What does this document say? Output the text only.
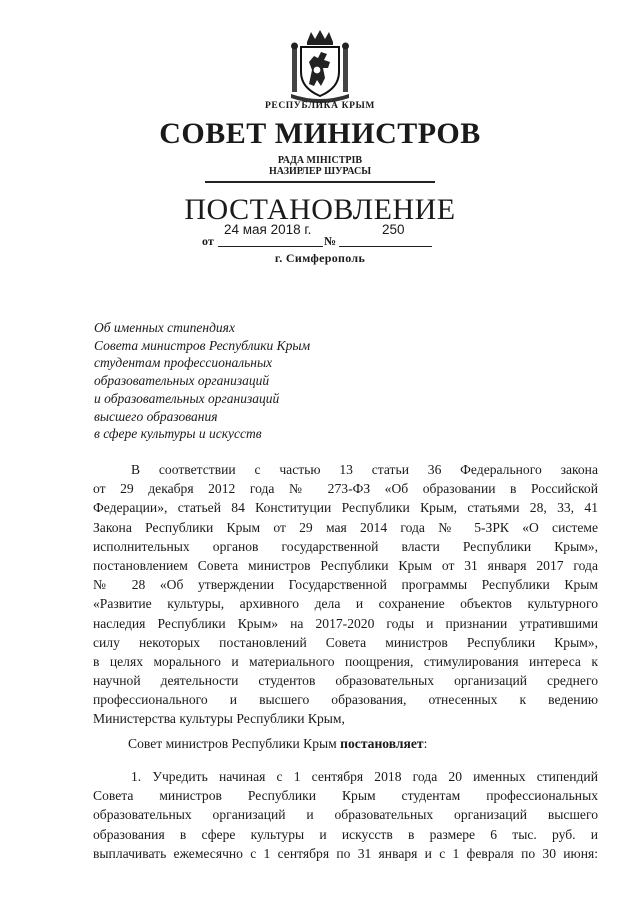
РЕСПУБЛИКА КРЫМ
СОВЕТ МИНИСТРОВ
РАДА МІНІСТРІВ
НАЗИРЛЕР ШУРАСЫ
ПОСТАНОВЛЕНИЕ
24 мая 2018 г.	250
от	№
г. Симферополь
Об именных стипендиях
Совета министров Республики Крым
студентам профессиональных
образовательных организаций
и образовательных организаций
высшего образования
в сфере культуры и искусств
В соответствии с частью 13 статьи 36 Федерального закона
от 29 декабря 2012 года № 273-ФЗ «Об образовании в Российской
Федерации», статьей 84 Конституции Республики Крым, статьями 28, 33, 41
Закона Республики Крым от 29 мая 2014 года № 5-ЗРК «О системе
исполнительных органов государственной власти Республики Крым»,
постановлением Совета министров Республики Крым от 31 января 2017 года
№ 28 «Об утверждении Государственной программы Республики Крым
«Развитие культуры, архивного дела и сохранение объектов культурного
наследия Республики Крым» на 2017-2020 годы и признании утратившими
силу некоторых постановлений Совета министров Республики Крым»,
в целях морального и материального поощрения, стимулирования интереса к
научной деятельности студентов образовательных организаций среднего
профессионального и высшего образования, отнесенных к ведению
Министерства культуры Республики Крым,
Совет министров Республики Крым постановляет:
1. Учредить начиная с 1 сентября 2018 года 20 именных стипендий
Совета министров Республики Крым студентам профессиональных
образовательных организаций и образовательных организаций высшего
образования в сфере культуры и искусств в размере 6 тыс. руб. и
выплачивать ежемесячно с 1 сентября по 31 января и с 1 февраля по 30 июня:
